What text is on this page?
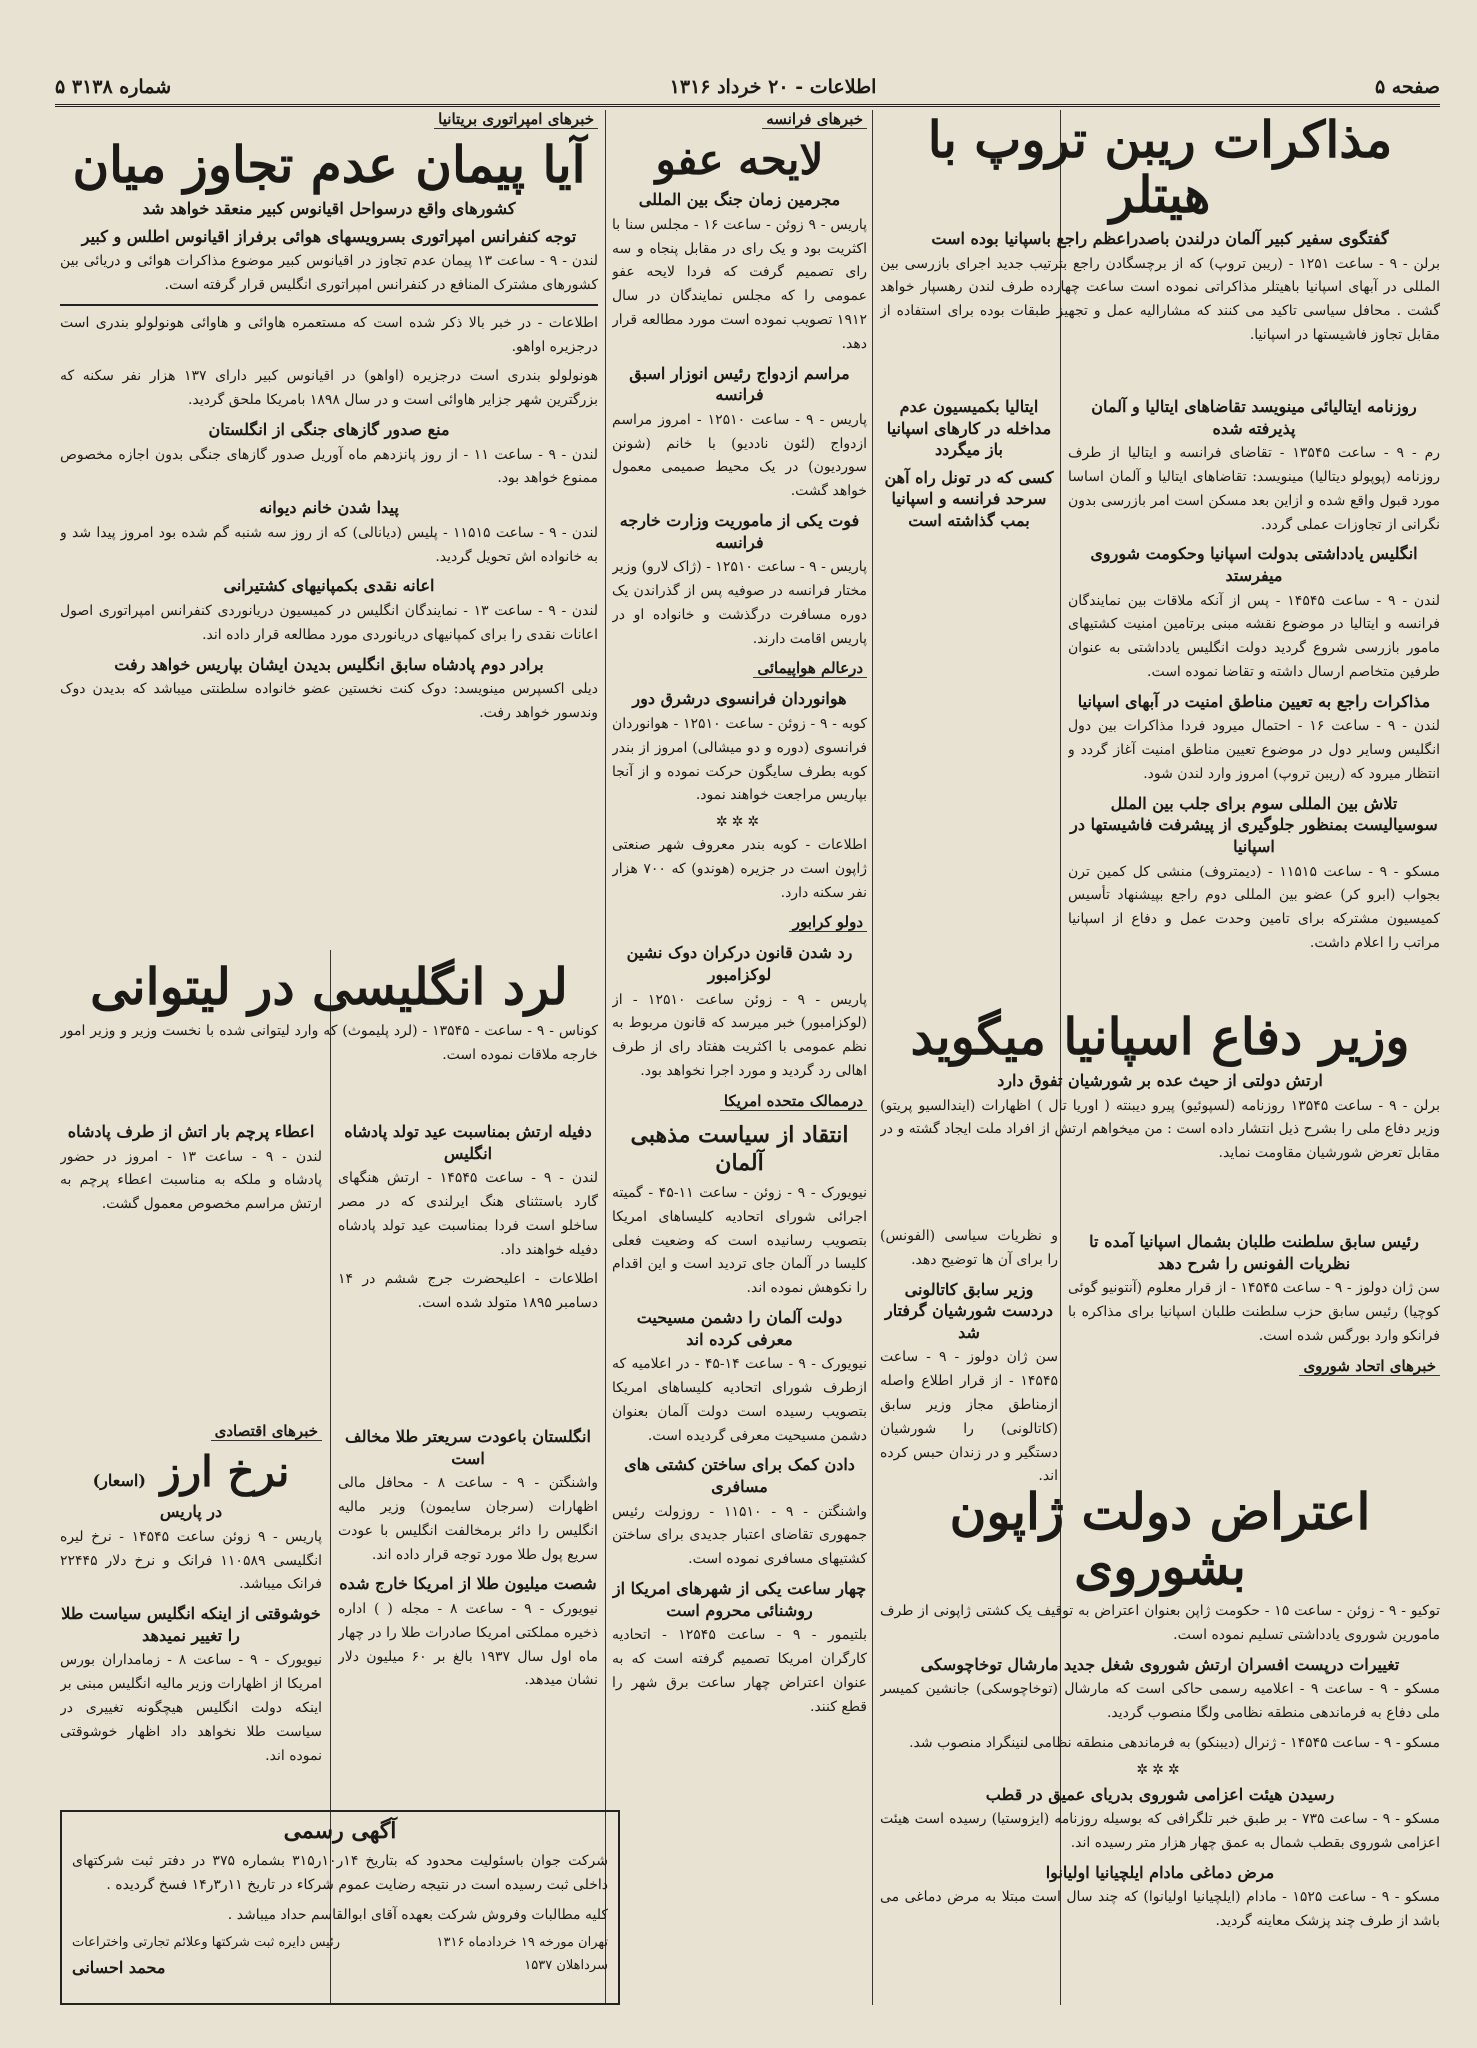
صفحه ۵
اطلاعات - ۲۰ خرداد ۱۳۱۶
شماره ۳۱۳۸ ۵
مذاکرات ریبن تروپ با هیتلر
گفتگوی سفیر کبیر آلمان درلندن باصدراعظم راجع باسپانیا بوده است

برلن - ۹ - ساعت ۱۲۵۱ - (ریبن تروپ) که از برچسگادن راجع بترتیب جدید اجرای بازرسی بین المللی در آبهای اسپانیا باهیتلر مذاکراتی نموده است ساعت چهارده طرف لندن رهسپار خواهد گشت . محافل سیاسی تاکید می کنند که مشارالیه عمل و تجهیز طبقات بوده برای استفاده از مقابل تجاوز فاشیستها در اسپانیا.

روزنامه ایتالیائی مینویسد تقاضاهای ایتالیا و آلمان پذیرفته شده

رم - ۹ - ساعت ۱۳۵۴۵ - تقاضای فرانسه و ایتالیا از طرف روزنامه (پوپولو دیتالیا) مینویسد: تقاضاهای ایتالیا و آلمان اساسا مورد قبول واقع شده و ازاین بعد مسکن است امر بازرسی بدون نگرانی از تجاوزات عملی گردد.

انگلیس یادداشتی بدولت اسپانیا وحکومت شوروی میفرستد

لندن - ۹ - ساعت ۱۴۵۴۵ - پس از آنکه ملاقات بین نمایندگان فرانسه و ایتالیا در موضوع نقشه مبنی برتامین امنیت کشتیهای مامور بازرسی شروع گردید دولت انگلیس یادداشتی به عنوان طرفین متخاصم ارسال داشته و تقاضا نموده است.

مذاکرات راجع به تعیین مناطق امنیت در آبهای اسپانیا

لندن - ۹ - ساعت ۱۶ - احتمال میرود فردا مذاکرات بین دول انگلیس وسایر دول در موضوع تعیین مناطق امنیت آغاز گردد و انتظار میرود که (ریبن تروپ) امروز وارد لندن شود.

تلاش بین المللی سوم برای جلب بین الملل سوسیالیست بمنظور جلوگیری از پیشرفت فاشیستها در اسپانیا

مسکو - ۹ - ساعت ۱۱۵۱۵ - (دیمتروف) منشی کل کمین ترن بجواب (ابرو کر) عضو بین المللی دوم راجع بپیشنهاد تأسیس کمیسیون مشترکه برای تامین وحدت عمل و دفاع از اسپانیا مراتب را اعلام داشت.

ایتالیا بکمیسیون عدم مداخله در کارهای اسپانیا باز میگردد
کسی که در تونل راه آهن سرحد فرانسه و اسپانیا بمب گذاشته است
وزیر دفاع اسپانیا میگوید
ارتش دولتی از حیث عده بر شورشیان تفوق دارد

برلن - ۹ - ساعت ۱۳۵۴۵ روزنامه (لسپوئیو) پیرو دیبنته ( اوریا تال ) اظهارات (ایندالسیو پریتو) وزیر دفاع ملی را بشرح ذیل انتشار داده است : من میخواهم ارتش از افراد ملت ایجاد گشته و در مقابل تعرض شورشیان مقاومت نماید.

رئیس سابق سلطنت طلبان بشمال اسپانیا آمده تا نظریات الفونس را شرح دهد

سن ژان دولوز - ۹ - ساعت ۱۴۵۴۵ - از قرار معلوم (آنتونیو گوئی کوچیا) رئیس سابق حزب سلطنت طلبان اسپانیا برای مذاکره با فرانکو وارد بورگس شده است.

خبرهای اتحاد شوروی

و نظریات سیاسی (الفونس) را برای آن ها توضیح دهد.

وزیر سابق کاتالونی دردست شورشیان گرفتار شد

سن ژان دولوز - ۹ - ساعت ۱۴۵۴۵ - از قرار اطلاع واصله ازمناطق مجاز وزیر سابق (کاتالونی) را شورشیان دستگیر و در زندان حبس کرده اند.

اعتراض دولت ژاپون بشوروی

توکیو - ۹ - زوئن - ساعت ۱۵ - حکومت ژاپن بعنوان اعتراض به توقیف یک کشتی ژاپونی از طرف مامورین شوروی یادداشتی تسلیم نموده است.

تغییرات درپست افسران ارتش شوروی شغل جدید مارشال توخاچوسکی

مسکو - ۹ - ساعت ۹ - اعلامیه رسمی حاکی است که مارشال (توخاچوسکی) جانشین کمیسر ملی دفاع به فرماندهی منطقه نظامی ولگا منصوب گردید.

مسکو - ۹ - ساعت ۱۴۵۴۵ - ژنرال (دیبنکو) به فرماندهی منطقه نظامی لنینگراد منصوب شد.

✲✲✲
رسیدن هیئت اعزامی شوروی بدریای عمیق در قطب

مسکو - ۹ - ساعت ۷۳۵ - بر طبق خبر تلگرافی که بوسیله روزنامه (ایزوستیا) رسیده است هیئت اعزامی شوروی بقطب شمال به عمق چهار هزار متر رسیده اند.

مرض دماغی مادام ایلچیانیا اولیانوا

مسکو - ۹ - ساعت ۱۵۲۵ - مادام (ایلچیانیا اولیانوا) که چند سال است مبتلا به مرض دماغی می باشد از طرف چند پزشک معاینه گردید.

خبرهای فرانسه
لایحه عفو
مجرمین زمان جنگ بین المللی

پاریس - ۹ زوئن - ساعت ۱۶ - مجلس سنا با اکثریت بود و یک رای در مقابل پنجاه و سه رای تصمیم گرفت که فردا لایحه عفو عمومی را که مجلس نمایندگان در سال ۱۹۱۲ تصویب نموده است مورد مطالعه قرار دهد.

مراسم ازدواج رئیس انوزار اسبق فرانسه

پاریس - ۹ - ساعت ۱۲۵۱۰ - امروز مراسم ازدواج (لئون ناددیو) با خانم (شونن سوردیون) در یک محیط صمیمی معمول خواهد گشت.

فوت یکی از ماموریت وزارت خارجه فرانسه

پاریس - ۹ - ساعت ۱۲۵۱۰ - (ژاک لارو) وزیر مختار فرانسه در صوفیه پس از گذراندن یک دوره مسافرت درگذشت و خانواده او در پاریس اقامت دارند.

درعالم هواپیمائی
هوانوردان فرانسوی درشرق دور

کوبه - ۹ - زوئن - ساعت ۱۲۵۱۰ - هوانوردان فرانسوی (دوره و دو میشالی) امروز از بندر کوبه بطرف سایگون حرکت نموده و از آنجا بپاریس مراجعت خواهند نمود.

✲✲✲

اطلاعات - کوبه بندر معروف شهر صنعتی ژاپون است در جزیره (هوندو) که ۷۰۰ هزار نفر سکنه دارد.

دولو کرابور
رد شدن قانون درکران دوک نشین لوکزامبور

پاریس - ۹ - زوئن ساعت ۱۲۵۱۰ - از (لوکزامبور) خبر میرسد که قانون مربوط به نظم عمومی با اکثریت هفتاد رای از طرف اهالی رد گردید و مورد اجرا نخواهد بود.

درممالک متحده امریکا
انتقاد از سیاست مذهبی آلمان

نیویورک - ۹ - زوئن - ساعت ۱۱-۴۵ - گمیته اجرائی شورای اتحادیه کلیساهای امریکا بتصویب رسانیده است که وضعیت فعلی کلیسا در آلمان جای تردید است و این اقدام را نکوهش نموده اند.

دولت آلمان را دشمن مسیحیت معرفی کرده اند

نیویورک - ۹ - ساعت ۱۴-۴۵ - در اعلامیه که ازطرف شورای اتحادیه کلیساهای امریکا بتصویب رسیده است دولت آلمان بعنوان دشمن مسیحیت معرفی گردیده است.

دادن کمک برای ساختن کشتی های مسافری

واشنگتن - ۹ - ۱۱۵۱۰ - روزولت رئیس جمهوری تقاضای اعتبار جدیدی برای ساختن کشتیهای مسافری نموده است.

چهار ساعت یکی از شهرهای امریکا از روشنائی محروم است

بلتیمور - ۹ - ساعت ۱۲۵۴۵ - اتحادیه کارگران امریکا تصمیم گرفته است که به عنوان اعتراض چهار ساعت برق شهر را قطع کنند.

خبرهای امپراتوری بریتانیا
آیا پیمان عدم تجاوز میان
کشورهای واقع درسواحل اقیانوس کبیر منعقد خواهد شد
توجه کنفرانس امپراتوری بسرویسهای هوائی برفراز اقیانوس اطلس و کبیر

لندن - ۹ - ساعت ۱۳ پیمان عدم تجاوز در اقیانوس کبیر موضوع مذاکرات هوائی و دریائی بین کشورهای مشترک المنافع در کنفرانس امپراتوری انگلیس قرار گرفته است.

اطلاعات - در خبر بالا ذکر شده است که مستعمره هاوائی و هاوائی هونولولو بندری است درجزیره اواهو.

هونولولو بندری است درجزیره (اواهو) در اقیانوس کبیر دارای ۱۳۷ هزار نفر سکنه که بزرگترین شهر جزایر هاوائی است و در سال ۱۸۹۸ بامریکا ملحق گردید.

منع صدور گازهای جنگی از انگلستان

لندن - ۹ - ساعت ۱۱ - از روز پانزدهم ماه آوریل صدور گازهای جنگی بدون اجازه مخصوص ممنوع خواهد بود.

پیدا شدن خانم دیوانه

لندن - ۹ - ساعت ۱۱۵۱۵ - پلیس (دیانالی) که از روز سه شنبه گم شده بود امروز پیدا شد و به خانواده اش تحویل گردید.

اعانه نقدی بکمپانیهای کشتیرانی

لندن - ۹ - ساعت ۱۳ - نمایندگان انگلیس در کمیسیون دریانوردی کنفرانس امپراتوری اصول اعانات نقدی را برای کمپانیهای دریانوردی مورد مطالعه قرار داده اند.

برادر دوم پادشاه سابق انگلیس بدیدن ایشان بپاریس خواهد رفت

دیلی اکسپرس مینویسد: دوک کنت نخستین عضو خانواده سلطنتی میباشد که بدیدن دوک وندسور خواهد رفت.

لرد انگلیسی در لیتوانی

کوناس - ۹ - ساعت - ۱۳۵۴۵ - (لرد پلیموث) که وارد لیتوانی شده با نخست وزیر و وزیر امور خارجه ملاقات نموده است.

دفیله ارتش بمناسبت عید تولد پادشاه انگلیس

لندن - ۹ - ساعت ۱۴۵۴۵ - ارتش هنگهای گارد باستثنای هنگ ایرلندی که در مصر ساخلو است فردا بمناسبت عید تولد پادشاه دفیله خواهند داد.

اطلاعات - اعلیحضرت جرج ششم در ۱۴ دسامبر ۱۸۹۵ متولد شده است.

اعطاء پرچم بار اتش از طرف پادشاه

لندن - ۹ - ساعت ۱۳ - امروز در حضور پادشاه و ملکه به مناسبت اعطاء پرچم به ارتش مراسم مخصوص معمول گشت.

انگلستان باعودت سریعتر طلا مخالف است

واشنگتن - ۹ - ساعت ۸ - محافل مالی اظهارات (سرجان سایمون) وزیر مالیه انگلیس را دائر برمخالفت انگلیس با عودت سریع پول طلا مورد توجه قرار داده اند.

شصت میلیون طلا از امریکا خارج شده

نیویورک - ۹ - ساعت ۸ - مجله ( ) اداره ذخیره مملکتی امریکا صادرات طلا را در چهار ماه اول سال ۱۹۳۷ بالغ بر ۶۰ میلیون دلار نشان میدهد.

خبرهای اقتصادی
نرخ ارز (اسعار)
در پاریس

پاریس - ۹ زوئن ساعت ۱۴۵۴۵ - نرخ لیره انگلیسی ۱۱۰۵۸۹ فرانک و نرخ دلار ۲۲۴۴۵ فرانک میباشد.

خوشوقتی از اینکه انگلیس سیاست طلا را تغییر نمیدهد

نیویورک - ۹ - ساعت ۸ - زمامداران بورس امریکا از اظهارات وزیر مالیه انگلیس مبنی بر اینکه دولت انگلیس هیچگونه تغییری در سیاست طلا نخواهد داد اظهار خوشوقتی نموده اند.

آگهی رسمی

شرکت جوان باسئولیت محدود که بتاریخ ۱۴ر۱۰ر۳۱۵ بشماره ۳۷۵ در دفتر ثبت شرکتهای داخلی ثبت رسیده است در نتیجه رضایت عموم شرکاء در تاریخ ۱۱ر۳ر۱۴ فسخ گردیده .

کلیه مطالبات وفروش شرکت بعهده آقای ابوالقاسم حداد میباشد .

تهران مورخه ۱۹ خردادماه ۱۳۱۶
رئیس دایره ثبت شرکتها وعلائم تجارتی واختراعات
سرداهلان ۱۵۳۷
محمد احسانی
